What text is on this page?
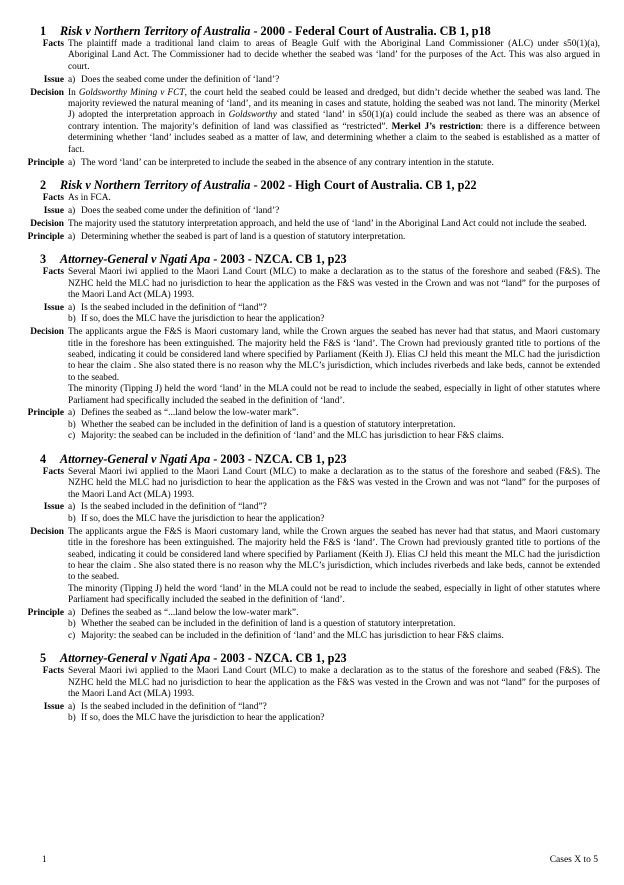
1 Risk v Northern Territory of Australia - 2000 - Federal Court of Australia. CB 1, p18
Facts The plaintiff made a traditional land claim to areas of Beagle Gulf with the Aboriginal Land Commissioner (ALC) under s50(1)(a), Aboriginal Land Act. The Commissioner had to decide whether the seabed was ‘land’ for the purposes of the Act. This was also argued in court.

Issue a) Does the seabed come under the definition of ‘land’?
Decision In Goldsworthy Mining v FCT, the court held the seabed could be leased and dredged, but didn’t decide whether the seabed was land. The majority reviewed the natural meaning of ‘land’, and its meaning in cases and statute, holding the seabed was not land. The minority (Merkel J) adopted the interpretation approach in Goldsworthy and stated ‘land’ in s50(1)(a) could include the seabed as there was an absence of contrary intention. The majority’s definition of land was classified as “restricted”. Merkel J’s restriction: there is a difference between determining whether ‘land’ includes seabed as a matter of law, and determining whether a claim to the seabed is established as a matter of fact.

Principle a) The word ‘land’ can be interpreted to include the seabed in the absence of any contrary intention in the statute.
2 Risk v Northern Territory of Australia - 2002 - High Court of Australia. CB 1, p22
Facts As in FCA.

Issue a) Does the seabed come under the definition of ‘land’?
Decision The majority used the statutory interpretation approach, and held the use of ‘land’ in the Aboriginal Land Act could not include the seabed.

Principle a) Determining whether the seabed is part of land is a question of statutory interpretation.
3 Attorney-General v Ngati Apa - 2003 - NZCA. CB 1, p23
Facts Several Maori iwi applied to the Maori Land Court (MLC) to make a declaration as to the status of the foreshore and seabed (F&S). The NZHC held the MLC had no jurisdiction to hear the application as the F&S was vested in the Crown and was not “land” for the purposes of the Maori Land Act (MLA) 1993.

Issue a) Is the seabed included in the definition of “land”?
b) If so, does the MLC have the jurisdiction to hear the application?
Decision The applicants argue the F&S is Maori customary land, while the Crown argues the seabed has never had that status, and Maori customary title in the foreshore has been extinguished. The majority held the F&S is ‘land’. The Crown had previously granted title to portions of the seabed, indicating it could be considered land where specified by Parliament (Keith J). Elias CJ held this meant the MLC had the jurisdiction to hear the claim . She also stated there is no reason why the MLC’s jurisdiction, which includes riverbeds and lake beds, cannot be extended to the seabed.

The minority (Tipping J) held the word ‘land’ in the MLA could not be read to include the seabed, especially in light of other statutes where Parliament had specifically included the seabed in the definition of ‘land’.

Principle a) Defines the seabed as “...land below the low-water mark”.
b) Whether the seabed can be included in the definition of land is a question of statutory interpretation.
c) Majority: the seabed can be included in the definition of ‘land’ and the MLC has jurisdiction to hear F&S claims.
4 Attorney-General v Ngati Apa - 2003 - NZCA. CB 1, p23
Facts Several Maori iwi applied to the Maori Land Court (MLC) to make a declaration as to the status of the foreshore and seabed (F&S). The NZHC held the MLC had no jurisdiction to hear the application as the F&S was vested in the Crown and was not “land” for the purposes of the Maori Land Act (MLA) 1993.

Issue a) Is the seabed included in the definition of “land”?
b) If so, does the MLC have the jurisdiction to hear the application?
Decision The applicants argue the F&S is Maori customary land, while the Crown argues the seabed has never had that status, and Maori customary title in the foreshore has been extinguished. The majority held the F&S is ‘land’. The Crown had previously granted title to portions of the seabed, indicating it could be considered land where specified by Parliament (Keith J). Elias CJ held this meant the MLC had the jurisdiction to hear the claim . She also stated there is no reason why the MLC’s jurisdiction, which includes riverbeds and lake beds, cannot be extended to the seabed.

The minority (Tipping J) held the word ‘land’ in the MLA could not be read to include the seabed, especially in light of other statutes where Parliament had specifically included the seabed in the definition of ‘land’.

Principle a) Defines the seabed as “...land below the low-water mark”.
b) Whether the seabed can be included in the definition of land is a question of statutory interpretation.
c) Majority: the seabed can be included in the definition of ‘land’ and the MLC has jurisdiction to hear F&S claims.
5 Attorney-General v Ngati Apa - 2003 - NZCA. CB 1, p23
Facts Several Maori iwi applied to the Maori Land Court (MLC) to make a declaration as to the status of the foreshore and seabed (F&S). The NZHC held the MLC had no jurisdiction to hear the application as the F&S was vested in the Crown and was not “land” for the purposes of the Maori Land Act (MLA) 1993.

Issue a) Is the seabed included in the definition of “land”?
b) If so, does the MLC have the jurisdiction to hear the application?
1	Cases X to 5
